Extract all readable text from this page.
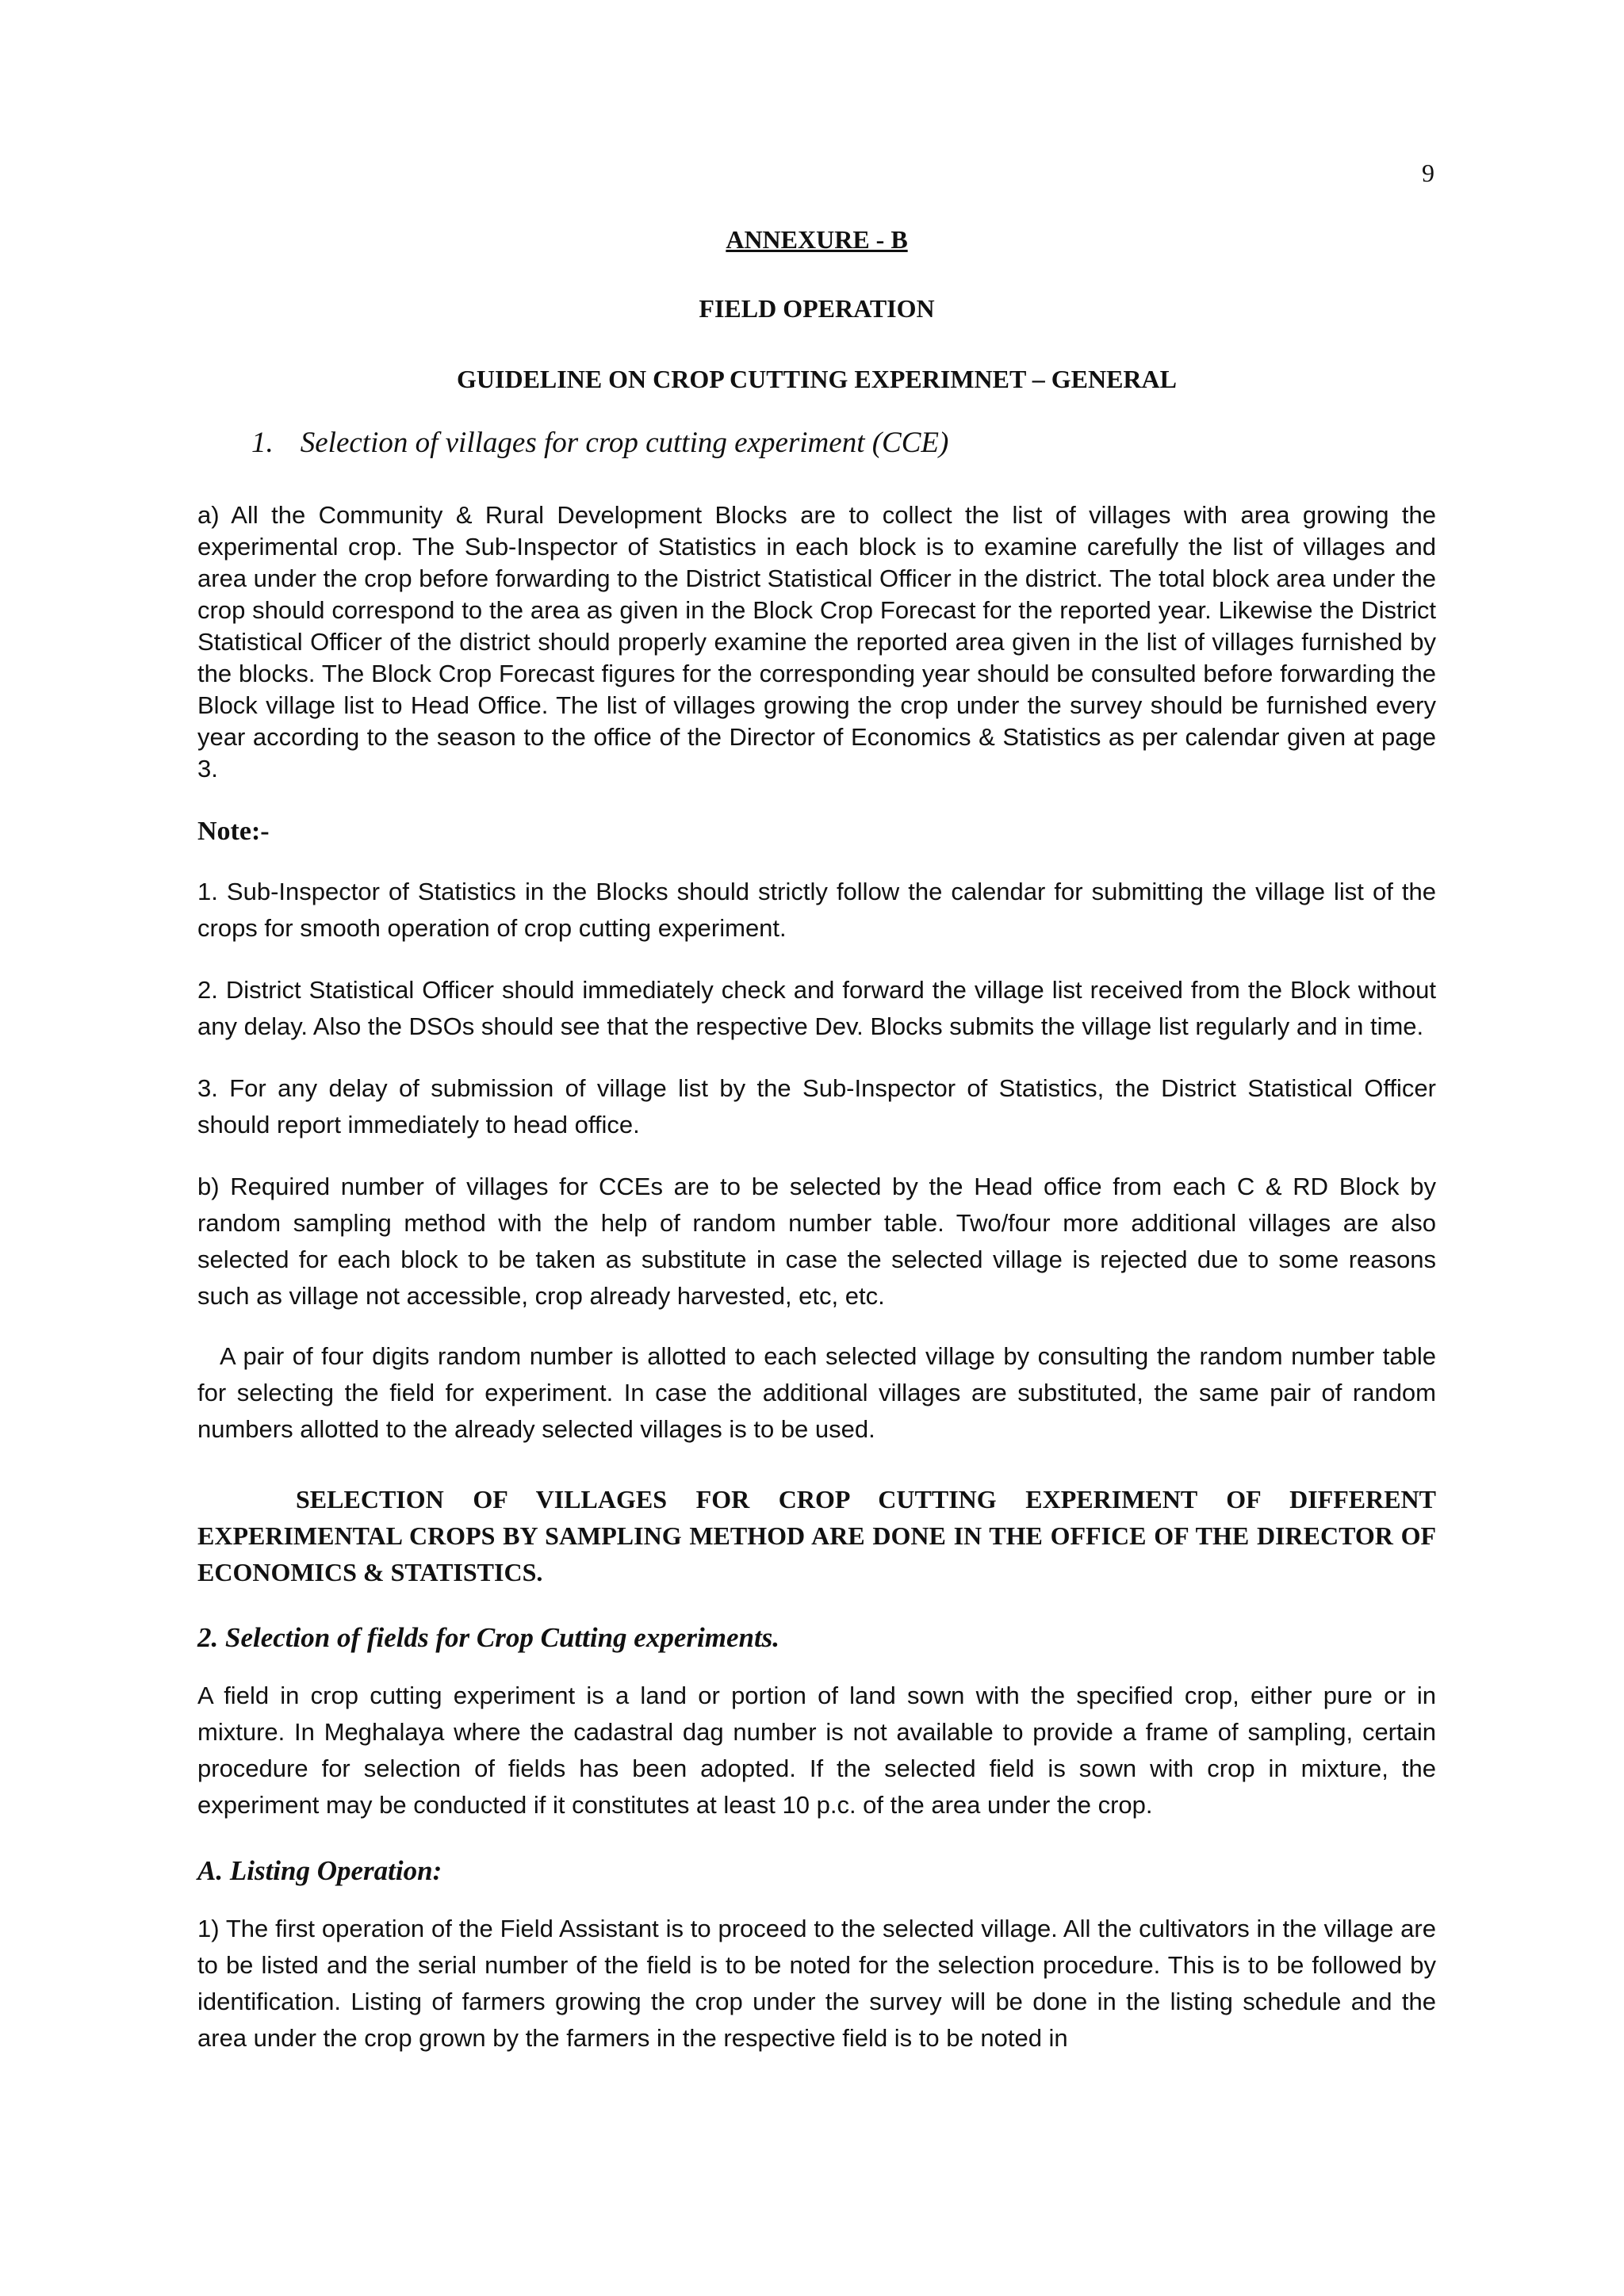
9
ANNEXURE - B
FIELD OPERATION
GUIDELINE ON CROP CUTTING EXPERIMNET – GENERAL
1. Selection of villages for crop cutting experiment (CCE)

a) All the Community & Rural Development Blocks are to collect the list of villages with area growing the experimental crop. The Sub-Inspector of Statistics in each block is to examine carefully the list of villages and area under the crop before forwarding to the District Statistical Officer in the district. The total block area under the crop should correspond to the area as given in the Block Crop Forecast for the reported year. Likewise the District Statistical Officer of the district should properly examine the reported area given in the list of villages furnished by the blocks. The Block Crop Forecast figures for the corresponding year should be consulted before forwarding the Block village list to Head Office. The list of villages growing the crop under the survey should be furnished every year according to the season to the office of the Director of Economics & Statistics as per calendar given at page 3.

Note:-

1. Sub-Inspector of Statistics in the Blocks should strictly follow the calendar for submitting the village list of the crops for smooth operation of crop cutting experiment.

2. District Statistical Officer should immediately check and forward the village list received from the Block without any delay. Also the DSOs should see that the respective Dev. Blocks submits the village list regularly and in time.

3. For any delay of submission of village list by the Sub-Inspector of Statistics, the District Statistical Officer should report immediately to head office.

b) Required number of villages for CCEs are to be selected by the Head office from each C & RD Block by random sampling method with the help of random number table. Two/four more additional villages are also selected for each block to be taken as substitute in case the selected village is rejected due to some reasons such as village not accessible, crop already harvested, etc, etc.

A pair of four digits random number is allotted to each selected village by consulting the random number table for selecting the field for experiment. In case the additional villages are substituted, the same pair of random numbers allotted to the already selected villages is to be used.

SELECTION OF VILLAGES FOR CROP CUTTING EXPERIMENT OF DIFFERENT EXPERIMENTAL CROPS BY SAMPLING METHOD ARE DONE IN THE OFFICE OF THE DIRECTOR OF ECONOMICS & STATISTICS.
2. Selection of fields for Crop Cutting experiments.

A field in crop cutting experiment is a land or portion of land sown with the specified crop, either pure or in mixture. In Meghalaya where the cadastral dag number is not available to provide a frame of sampling, certain procedure for selection of fields has been adopted. If the selected field is sown with crop in mixture, the experiment may be conducted if it constitutes at least 10 p.c. of the area under the crop.

A. Listing Operation:

1) The first operation of the Field Assistant is to proceed to the selected village. All the cultivators in the village are to be listed and the serial number of the field is to be noted for the selection procedure. This is to be followed by identification. Listing of farmers growing the crop under the survey will be done in the listing schedule and the area under the crop grown by the farmers in the respective field is to be noted in
